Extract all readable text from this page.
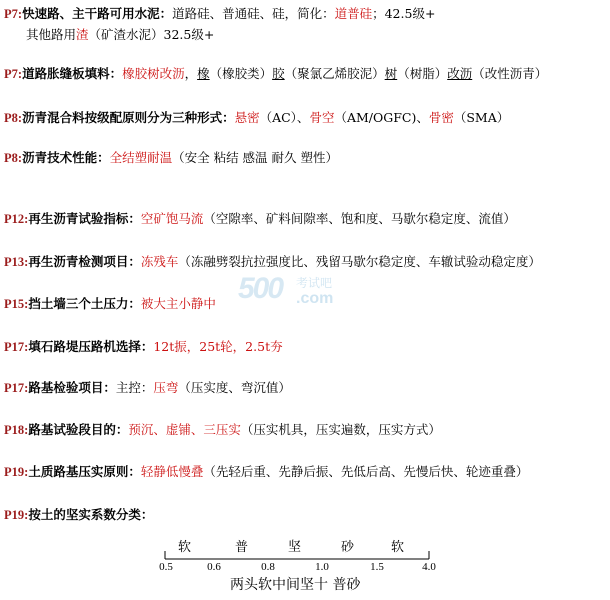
P7:快速路、主干路可用水泥：道路硅、普通硅、硅，简化：道普硅；42.5级+
其他路用渣（矿渣水泥）32.5级+
P7:道路胀缝板填料：橡胶树改沥，橡（橡胶类）胶（聚氯乙烯胶泥）树（树脂）改沥（改性沥青）
P8:沥青混合料按级配原则分为三种形式：悬密（AC）、骨空（AM/OGFC)、骨密（SMA）
P8:沥青技术性能：全结塑耐温（安全 粘结 感温 耐久 塑性）
P12:再生沥青试验指标：空矿饱马流（空隙率、矿料间隙率、饱和度、马歇尔稳定度、流值）
P13:再生沥青检测项目：冻残车（冻融劈裂抗拉强度比、残留马歇尔稳定度、车辙试验动稳定度）
P15:挡土墙三个土压力：被大主小静中
P17:填石路堤压路机选择：12t振，25t轮，2.5t夯
P17:路基检验项目：主控：压弯（压实度、弯沉值）
P18:路基试验段目的：预沉、虚铺、三压实（压实机具，压实遍数，压实方式）
P19:土质路基压实原则：轻静低慢叠（先轻后重、先静后振、先低后高、先慢后快、轮迹重叠）
P19:按土的坚实系数分类：
500 考试吧
.com
软	普	坚	砂	软
0.5	0.6	0.8	1.0	1.5	4.0
两头软中间坚十 普砂
